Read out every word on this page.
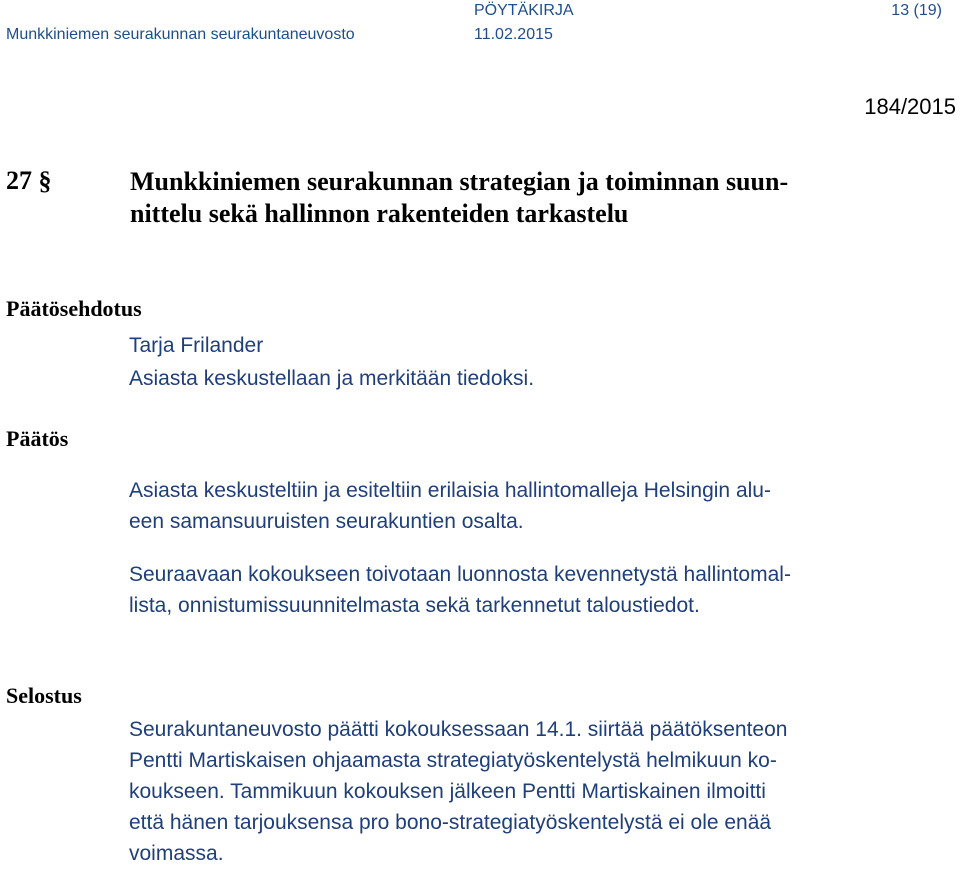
Munkkiniemen seurakunnan seurakuntaneuvosto
PÖYTÄKIRJA
11.02.2015
13 (19)
184/2015
27 §	Munkkiniemen seurakunnan strategian ja toiminnan suun-
nittelu sekä hallinnon rakenteiden tarkastelu
Päätösehdotus
Tarja Frilander
Asiasta keskustellaan ja merkitään tiedoksi.
Päätös
Asiasta keskusteltiin ja esiteltiin erilaisia hallintomalleja Helsingin alu-
een samansuuruisten seurakuntien osalta.
Seuraavaan kokoukseen toivotaan luonnosta kevennetystä hallintomal-
lista, onnistumissuunnitelmasta sekä tarkennetut taloustiedot.
Selostus
Seurakuntaneuvosto päätti kokouksessaan 14.1. siirtää päätöksenteon
Pentti Martiskaisen ohjaamasta strategiatyöskentelystä helmikuun ko-
koukseen. Tammikuun kokouksen jälkeen Pentti Martiskainen ilmoitti
että hänen tarjouksensa pro bono-strategiatyöskentelystä ei ole enää
voimassa.
